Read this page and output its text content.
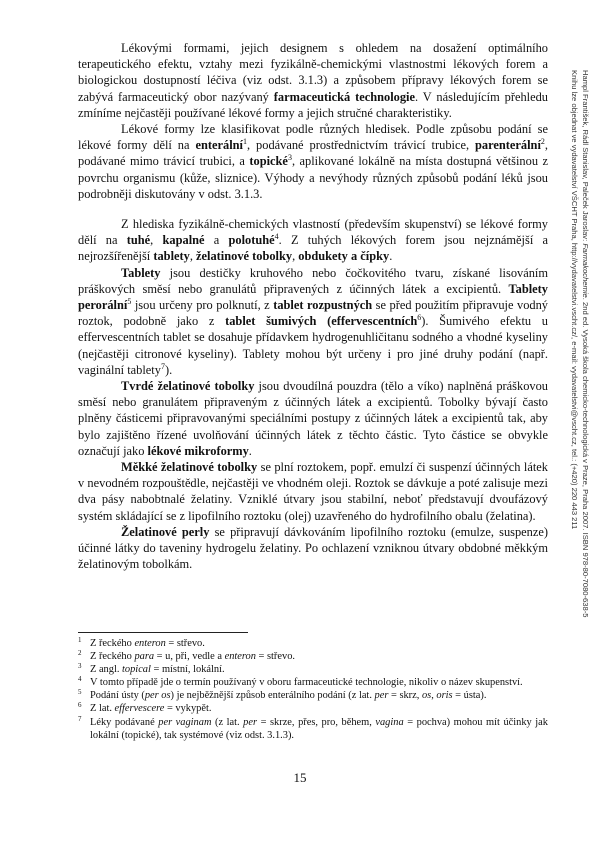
Lékovými formami, jejich designem s ohledem na dosažení optimálního terapeutického efektu, vztahy mezi fyzikálně-chemickými vlastnostmi lékových forem a biologickou dostupností léčiva (viz odst. 3.1.3) a způsobem přípravy lékových forem se zabývá farmaceutický obor nazývaný farmaceutická technologie. V následujícím přehledu zmíníme nejčastěji používané lékové formy a jejich stručné charakteristiky.

Lékové formy lze klasifikovat podle různých hledisek. Podle způsobu podání se lékové formy dělí na enterální$^1$, podávané prostřednictvím trávicí trubice, parenterální$^2$, podávané mimo trávicí trubici, a topické$^3$, aplikované lokálně na místa dostupná většinou z povrchu organismu (kůže, sliznice). Výhody a nevýhody různých způsobů podání léků jsou podrobněji diskutovány v odst. 3.1.3.

Z hlediska fyzikálně-chemických vlastností (především skupenství) se lékové formy dělí na tuhé, kapalné a polotuhé$^4$. Z tuhých lékových forem jsou nejznámější a nejrozšířenější tablety, želatinové tobolky, obdukety a čípky.

Tablety jsou destičky kruhového nebo čočkovitého tvaru, získané lisováním práškových směsí nebo granulátů připravených z účinných látek a excipientů. Tablety perorální$^5$ jsou určeny pro polknutí, z tablet rozpustných se před použitím připravuje vodný roztok, podobně jako z tablet šumivých (effervescentních$^6$). Šumivého efektu u effervescentních tablet se dosahuje přídavkem hydrogenuhličitanu sodného a vhodné kyseliny (nejčastěji citronové kyseliny). Tablety mohou být určeny i pro jiné druhy podání (např. vaginální tablety$^7$).

Tvrdé želatinové tobolky jsou dvoudílná pouzdra (tělo a víko) naplněná práškovou směsí nebo granulátem připraveným z účinných látek a excipientů. Tobolky bývají často plněny částicemi připravovanými speciálními postupy z účinných látek a excipientů tak, aby bylo zajištěno řízené uvolňování účinných látek z těchto částic. Tyto částice se obvykle označují jako lékové mikroformy.

Měkké želatinové tobolky se plní roztokem, popř. emulzí či suspenzí účinných látek v nevodném rozpouštědle, nejčastěji ve vhodném oleji. Roztok se dávkuje a poté zalisuje mezi dva pásy nabobtnalé želatiny. Vzniklé útvary jsou stabilní, neboť představují dvoufázový systém skládající se z lipofilního roztoku (olej) uzavřeného do hydrofilního obalu (želatina).

Želatinové perly se připravují dávkováním lipofilního roztoku (emulze, suspenze) účinné látky do taveniny hydrogelu želatiny. Po ochlazení vzniknou útvary obdobné měkkým želatinovým tobolkám.

1 Z řeckého enteron = střevo.
2 Z řeckého para = u, při, vedle a enteron = střevo.
3 Z angl. topical = místní, lokální.
4 V tomto případě jde o termín používaný v oboru farmaceutické technologie, nikoliv o název skupenství.
5 Podání ústy (per os) je nejběžnější způsob enterálního podání (z lat. per = skrz, os, oris = ústa).
6 Z lat. effervescere = vykypět.
7 Léky podávané per vaginam (z lat. per = skrze, přes, pro, během, vagina = pochva) mohou mít účinky jak lokální (topické), tak systémové (viz odst. 3.1.3).
15
Hampl František, Rádl Stanislav, Paleček Jaroslav: Farmakochemie. 2nd ed. Vysoká škola chemicko-technologická v Praze, Praha 2007. ISBN 978-80-7080-638-5
Knihu lze objednat ve vydavatelství VŠCHT Praha, http://vydavatelstvi.vscht.cz/, e-mail: vydavatelstvi@vscht.cz, tel.: (+420) 220 443 211
